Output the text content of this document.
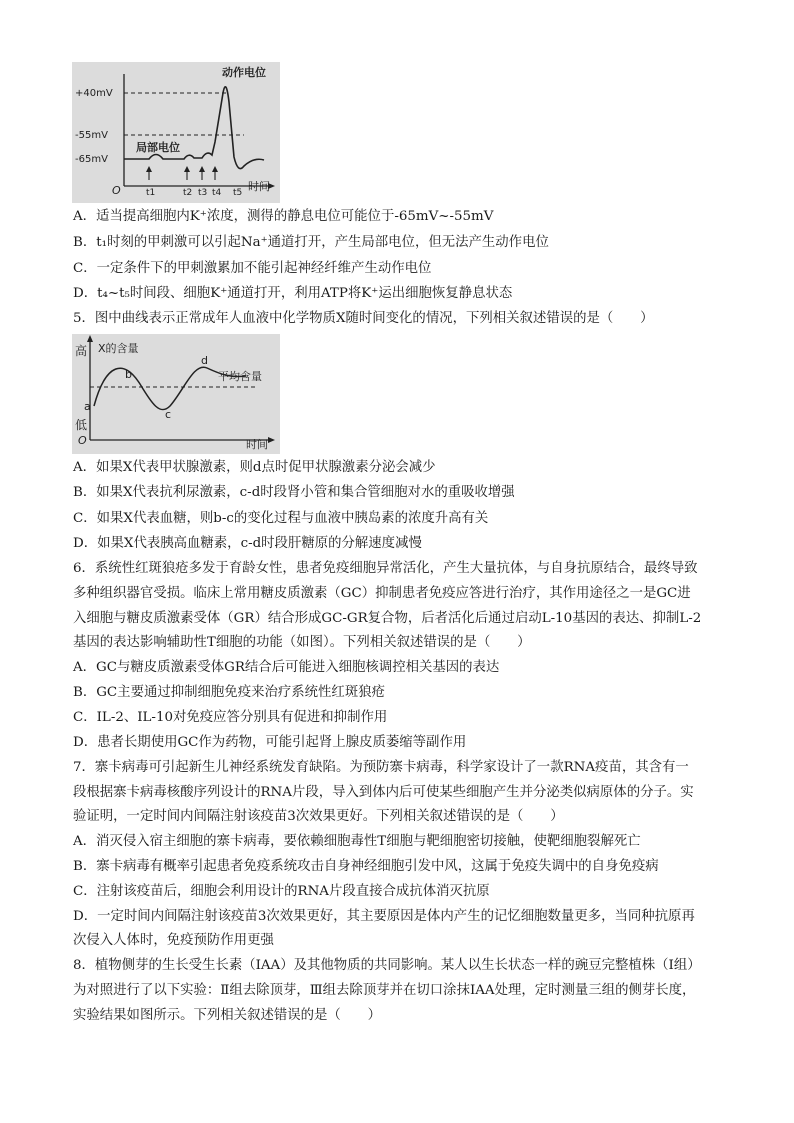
+40mV
-55mV
-65mV
O	时间
动作电位
局部电位
t1	t2 t3 t4 t5
A．适当提高细胞内K⁺浓度，测得的静息电位可能位于-65mV~-55mV
B．t₁时刻的甲刺激可以引起Na⁺通道打开，产生局部电位，但无法产生动作电位
C．一定条件下的甲刺激累加不能引起神经纤维产生动作电位
D．t₄~t₅时间段、细胞K⁺通道打开，利用ATP将K⁺运出细胞恢复静息状态
5．图中曲线表示正常成年人血液中化学物质X随时间变化的情况，下列相关叙述错误的是（　　）
高
低
O
X的含量
时间
平均含量
a
b
c
d
A．如果X代表甲状腺激素，则d点时促甲状腺激素分泌会减少
B．如果X代表抗利尿激素，c-d时段肾小管和集合管细胞对水的重吸收增强
C．如果X代表血糖，则b-c的变化过程与血液中胰岛素的浓度升高有关
D．如果X代表胰高血糖素，c-d时段肝糖原的分解速度减慢
6．系统性红斑狼疮多发于育龄女性，患者免疫细胞异常活化，产生大量抗体，与自身抗原结合，最终导致
多种组织器官受损。临床上常用糖皮质激素（GC）抑制患者免疫应答进行治疗，其作用途径之一是GC进
入细胞与糖皮质激素受体（GR）结合形成GC-GR复合物，后者活化后通过启动L-10基因的表达、抑制L-2
基因的表达影响辅助性T细胞的功能（如图）。下列相关叙述错误的是（　　）
A．GC与糖皮质激素受体GR结合后可能进入细胞核调控相关基因的表达
B．GC主要通过抑制细胞免疫来治疗系统性红斑狼疮
C．IL-2、IL-10对免疫应答分别具有促进和抑制作用
D．患者长期使用GC作为药物，可能引起肾上腺皮质萎缩等副作用
7．寨卡病毒可引起新生儿神经系统发育缺陷。为预防寨卡病毒，科学家设计了一款RNA疫苗，其含有一
段根据寨卡病毒核酸序列设计的RNA片段，导入到体内后可使某些细胞产生并分泌类似病原体的分子。实
验证明，一定时间内间隔注射该疫苗3次效果更好。下列相关叙述错误的是（　　）
A．消灭侵入宿主细胞的寨卡病毒，要依赖细胞毒性T细胞与靶细胞密切接触，使靶细胞裂解死亡
B．寨卡病毒有概率引起患者免疫系统攻击自身神经细胞引发中风，这属于免疫失调中的自身免疫病
C．注射该疫苗后，细胞会利用设计的RNA片段直接合成抗体消灭抗原
D．一定时间内间隔注射该疫苗3次效果更好，其主要原因是体内产生的记忆细胞数量更多，当同种抗原再
次侵入人体时，免疫预防作用更强
8．植物侧芽的生长受生长素（IAA）及其他物质的共同影响。某人以生长状态一样的豌豆完整植株（Ⅰ组）
为对照进行了以下实验：Ⅱ组去除顶芽，Ⅲ组去除顶芽并在切口涂抹IAA处理，定时测量三组的侧芽长度，
实验结果如图所示。下列相关叙述错误的是（　　）
